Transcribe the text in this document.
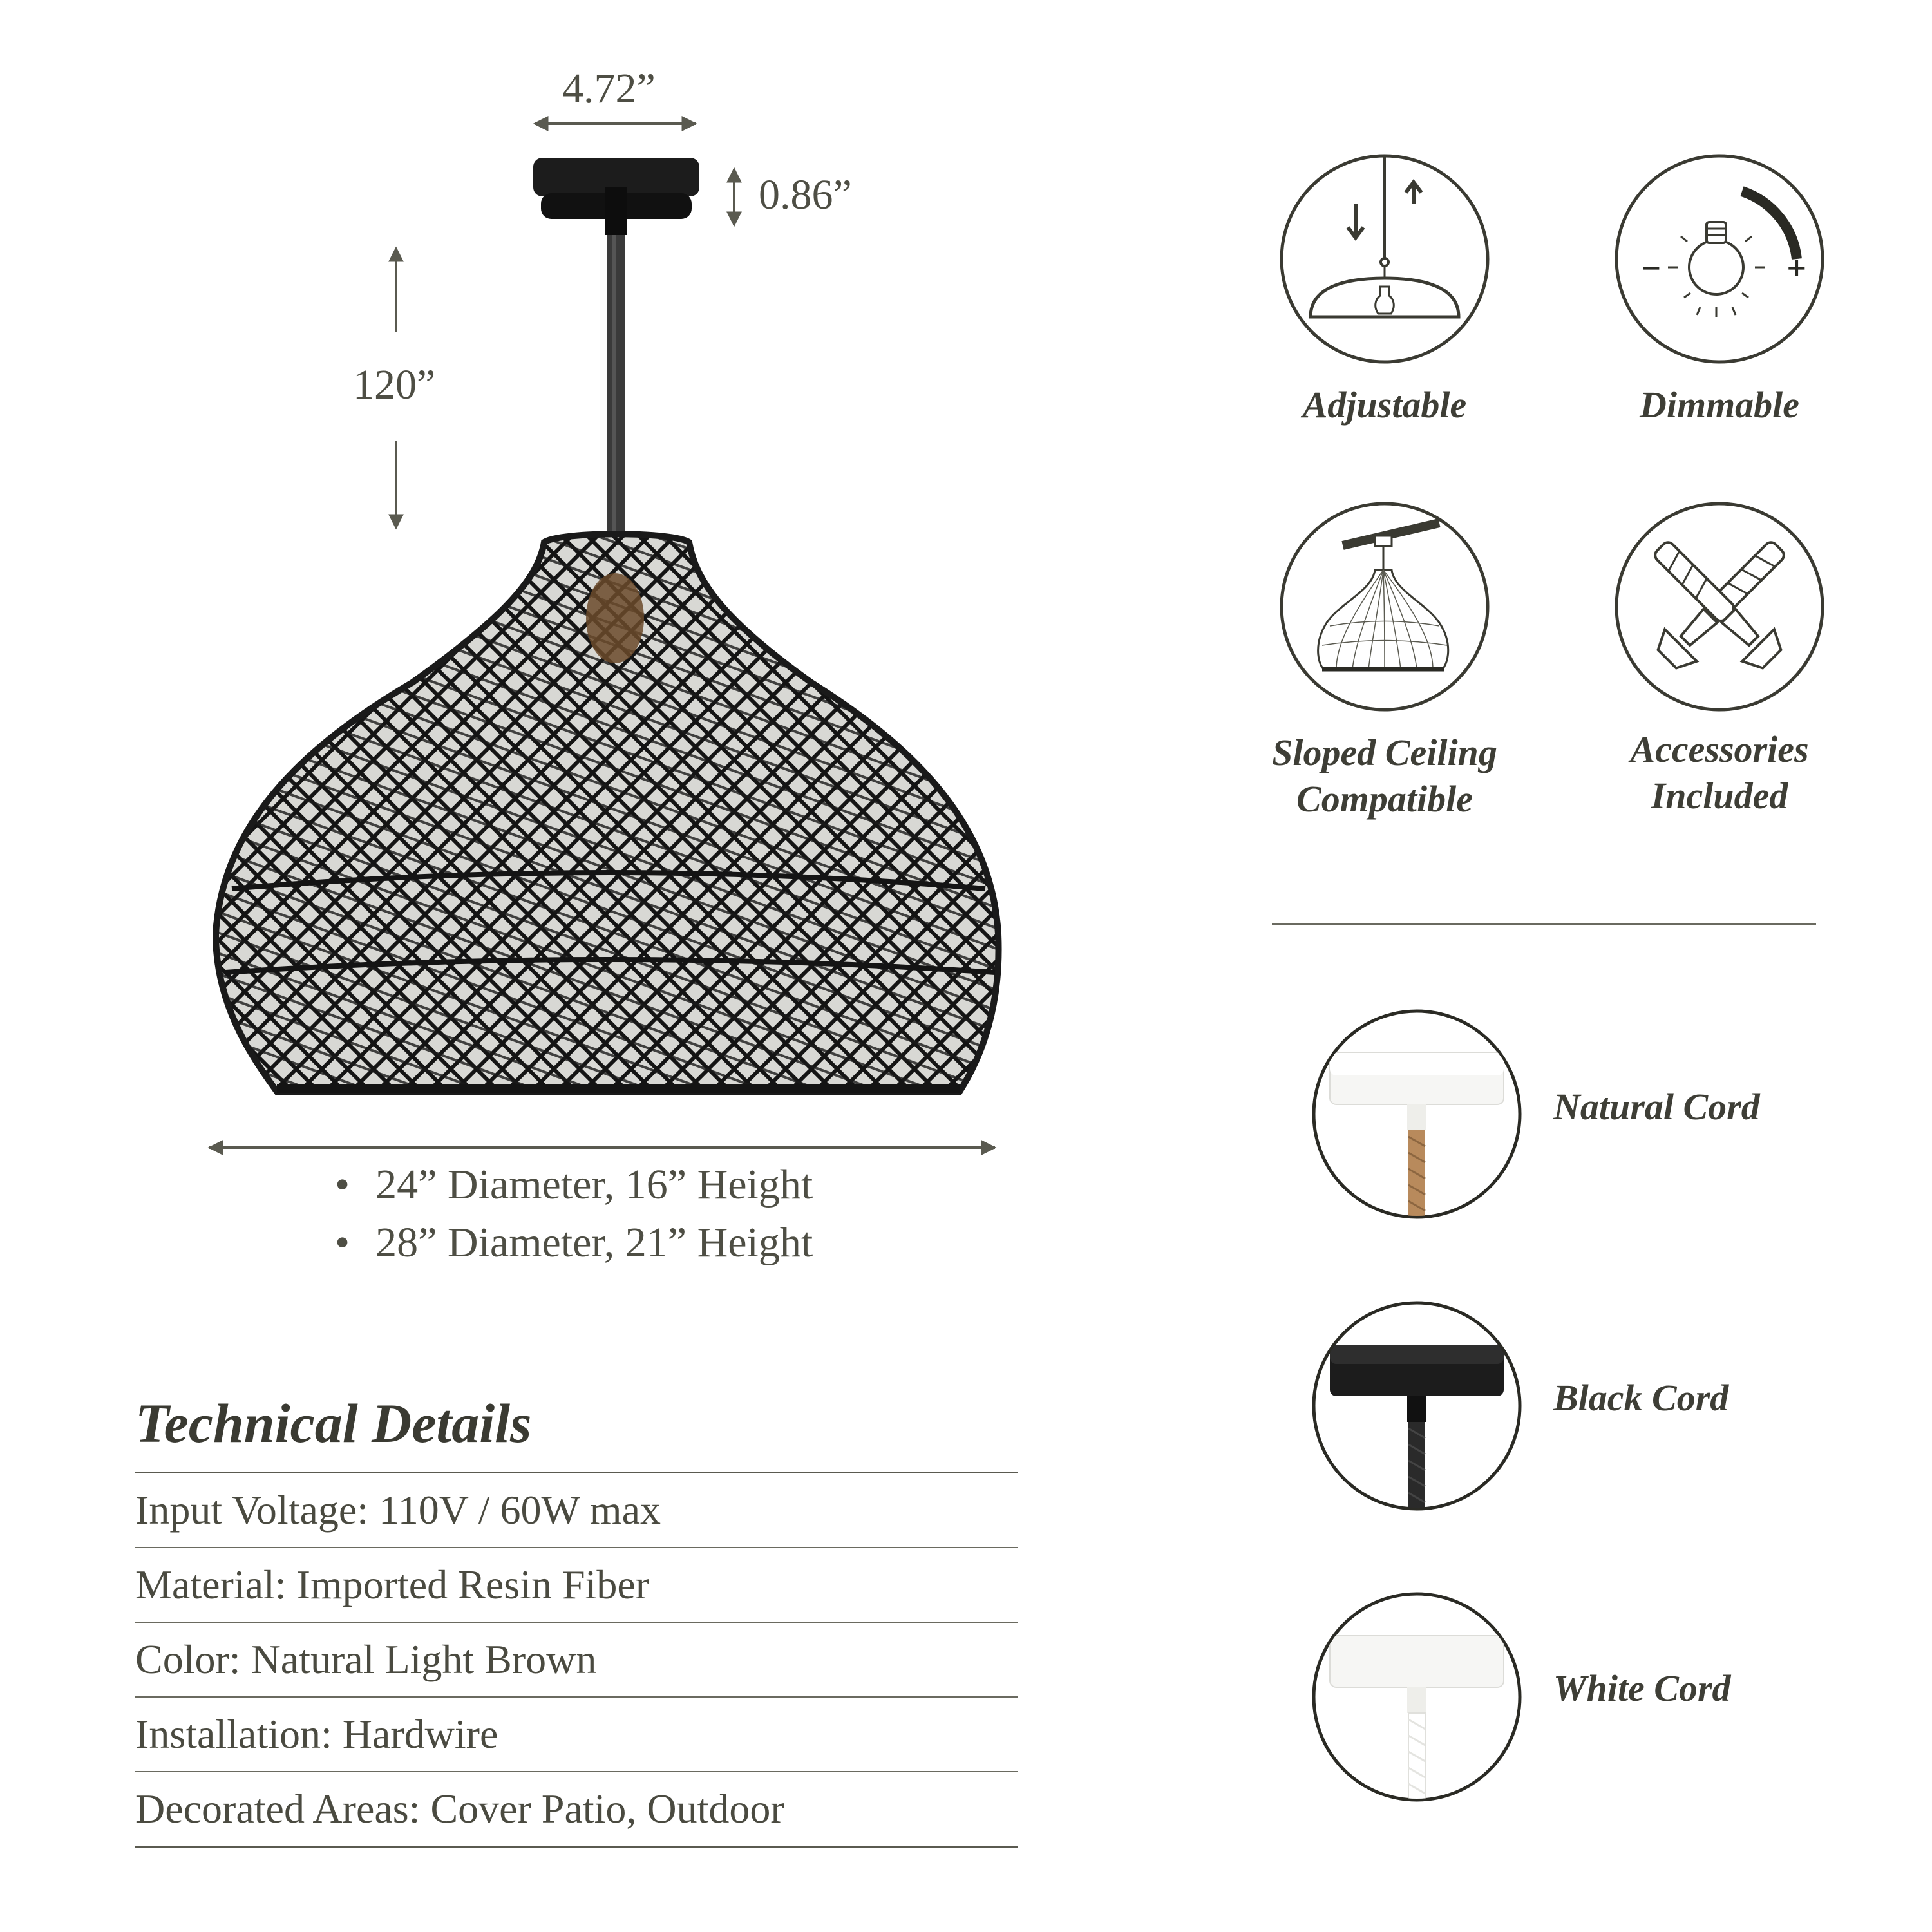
4.72”
0.86”
120”
• 24” Diameter, 16” Height
• 28” Diameter, 21” Height
Technical Details
Input Voltage: 110V / 60W max
Material: Imported Resin Fiber
Color: Natural Light Brown
Installation: Hardwire
Decorated Areas: Cover Patio, Outdoor
Adjustable
−	+
Dimmable
Sloped Ceiling
Compatible
Accessories
Included
Natural Cord
Black Cord
White Cord
